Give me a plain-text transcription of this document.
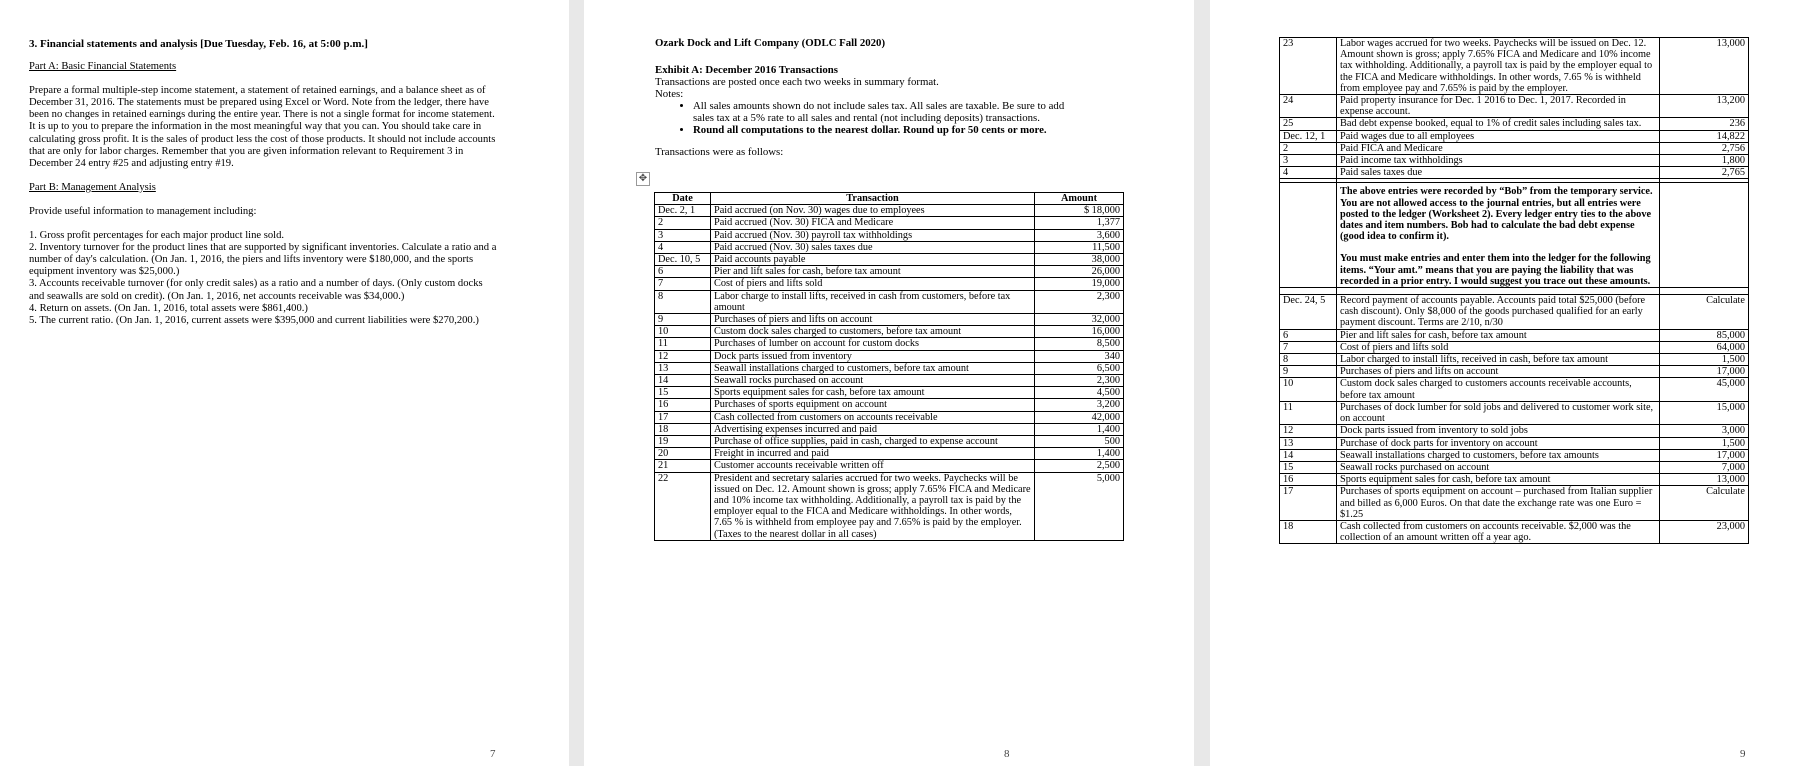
3. Financial statements and analysis [Due Tuesday, Feb. 16, at 5:00 p.m.]

Part A: Basic Financial Statements

Prepare a formal multiple-step income statement, a statement of retained earnings, and a balance sheet as of December 31, 2016. The statements must be prepared using Excel or Word. Note from the ledger, there have been no changes in retained earnings during the entire year. There is not a single format for income statement. It is up to you to prepare the information in the most meaningful way that you can. You should take care in calculating gross profit. It is the sales of product less the cost of those products. It should not include accounts that are only for labor charges. Remember that you are given information relevant to Requirement 3 in December 24 entry #25 and adjusting entry #19.

Part B: Management Analysis

Provide useful information to management including:

1. Gross profit percentages for each major product line sold.

2. Inventory turnover for the product lines that are supported by significant inventories. Calculate a ratio and a number of day's calculation. (On Jan. 1, 2016, the piers and lifts inventory were $180,000, and the sports equipment inventory was $25,000.)

3. Accounts receivable turnover (for only credit sales) as a ratio and a number of days. (Only custom docks and seawalls are sold on credit). (On Jan. 1, 2016, net accounts receivable was $34,000.)

4. Return on assets. (On Jan. 1, 2016, total assets were $861,400.)

5. The current ratio. (On Jan. 1, 2016, current assets were $395,000 and current liabilities were $270,200.)

7
Ozark Dock and Lift Company (ODLC Fall 2020)
Exhibit A: December 2016 Transactions
Transactions are posted once each two weeks in summary format.
Notes:
• All sales amounts shown do not include sales tax. All sales are taxable. Be sure to add sales tax at a 5% rate to all sales and rental (not including deposits) transactions.
• Round all computations to the nearest dollar. Round up for 50 cents or more.
Transactions were as follows:
✥
Date	Transaction	Amount
Dec. 2, 1	Paid accrued (on Nov. 30) wages due to employees	$ 18,000
2	Paid accrued (Nov. 30) FICA and Medicare	1,377
3	Paid accrued (Nov. 30) payroll tax withholdings	3,600
4	Paid accrued (Nov. 30) sales taxes due	11,500
Dec. 10, 5	Paid accounts payable	38,000
6	Pier and lift sales for cash, before tax amount	26,000
7	Cost of piers and lifts sold	19,000
8	Labor charge to install lifts, received in cash from customers, before tax amount	2,300
9	Purchases of piers and lifts on account	32,000
10	Custom dock sales charged to customers, before tax amount	16,000
11	Purchases of lumber on account for custom docks	8,500
12	Dock parts issued from inventory	340
13	Seawall installations charged to customers, before tax amount	6,500
14	Seawall rocks purchased on account	2,300
15	Sports equipment sales for cash, before tax amount	4,500
16	Purchases of sports equipment on account	3,200
17	Cash collected from customers on accounts receivable	42,000
18	Advertising expenses incurred and paid	1,400
19	Purchase of office supplies, paid in cash, charged to expense account	500
20	Freight in incurred and paid	1,400
21	Customer accounts receivable written off	2,500
22	President and secretary salaries accrued for two weeks. Paychecks will be issued on Dec. 12. Amount shown is gross; apply 7.65% FICA and Medicare and 10% income tax withholding. Additionally, a payroll tax is paid by the employer equal to the FICA and Medicare withholdings. In other words, 7.65 % is withheld from employee pay and 7.65% is paid by the employer. (Taxes to the nearest dollar in all cases)	5,000
8
23	Labor wages accrued for two weeks. Paychecks will be issued on Dec. 12. Amount shown is gross; apply 7.65% FICA and Medicare and 10% income tax withholding. Additionally, a payroll tax is paid by the employer equal to the FICA and Medicare withholdings. In other words, 7.65 % is withheld from employee pay and 7.65% is paid by the employer.	13,000
24	Paid property insurance for Dec. 1 2016 to Dec. 1, 2017. Recorded in expense account.	13,200
25	Bad debt expense booked, equal to 1% of credit sales including sales tax.	236
Dec. 12, 1	Paid wages due to all employees	14,822
2	Paid FICA and Medicare	2,756
3	Paid income tax withholdings	1,800
4	Paid sales taxes due	2,765

	The above entries were recorded by “Bob” from the temporary service. You are not allowed access to the journal entries, but all entries were posted to the ledger (Worksheet 2). Every ledger entry ties to the above dates and item numbers. Bob had to calculate the bad debt expense (good idea to confirm it).
You must make entries and enter them into the ledger for the following items. “Your amt.” means that you are paying the liability that was recorded in a prior entry. I would suggest you trace out these amounts.	

Dec. 24, 5	Record payment of accounts payable. Accounts paid total $25,000 (before cash discount). Only $8,000 of the goods purchased qualified for an early payment discount. Terms are 2/10, n/30	Calculate
6	Pier and lift sales for cash, before tax amount	85,000
7	Cost of piers and lifts sold	64,000
8	Labor charged to install lifts, received in cash, before tax amount	1,500
9	Purchases of piers and lifts on account	17,000
10	Custom dock sales charged to customers accounts receivable accounts, before tax amount	45,000
11	Purchases of dock lumber for sold jobs and delivered to customer work site, on account	15,000
12	Dock parts issued from inventory to sold jobs	3,000
13	Purchase of dock parts for inventory on account	1,500
14	Seawall installations charged to customers, before tax amounts	17,000
15	Seawall rocks purchased on account	7,000
16	Sports equipment sales for cash, before tax amount	13,000
17	Purchases of sports equipment on account – purchased from Italian supplier and billed as 6,000 Euros. On that date the exchange rate was one Euro = $1.25	Calculate
18	Cash collected from customers on accounts receivable. $2,000 was the collection of an amount written off a year ago.	23,000
9
